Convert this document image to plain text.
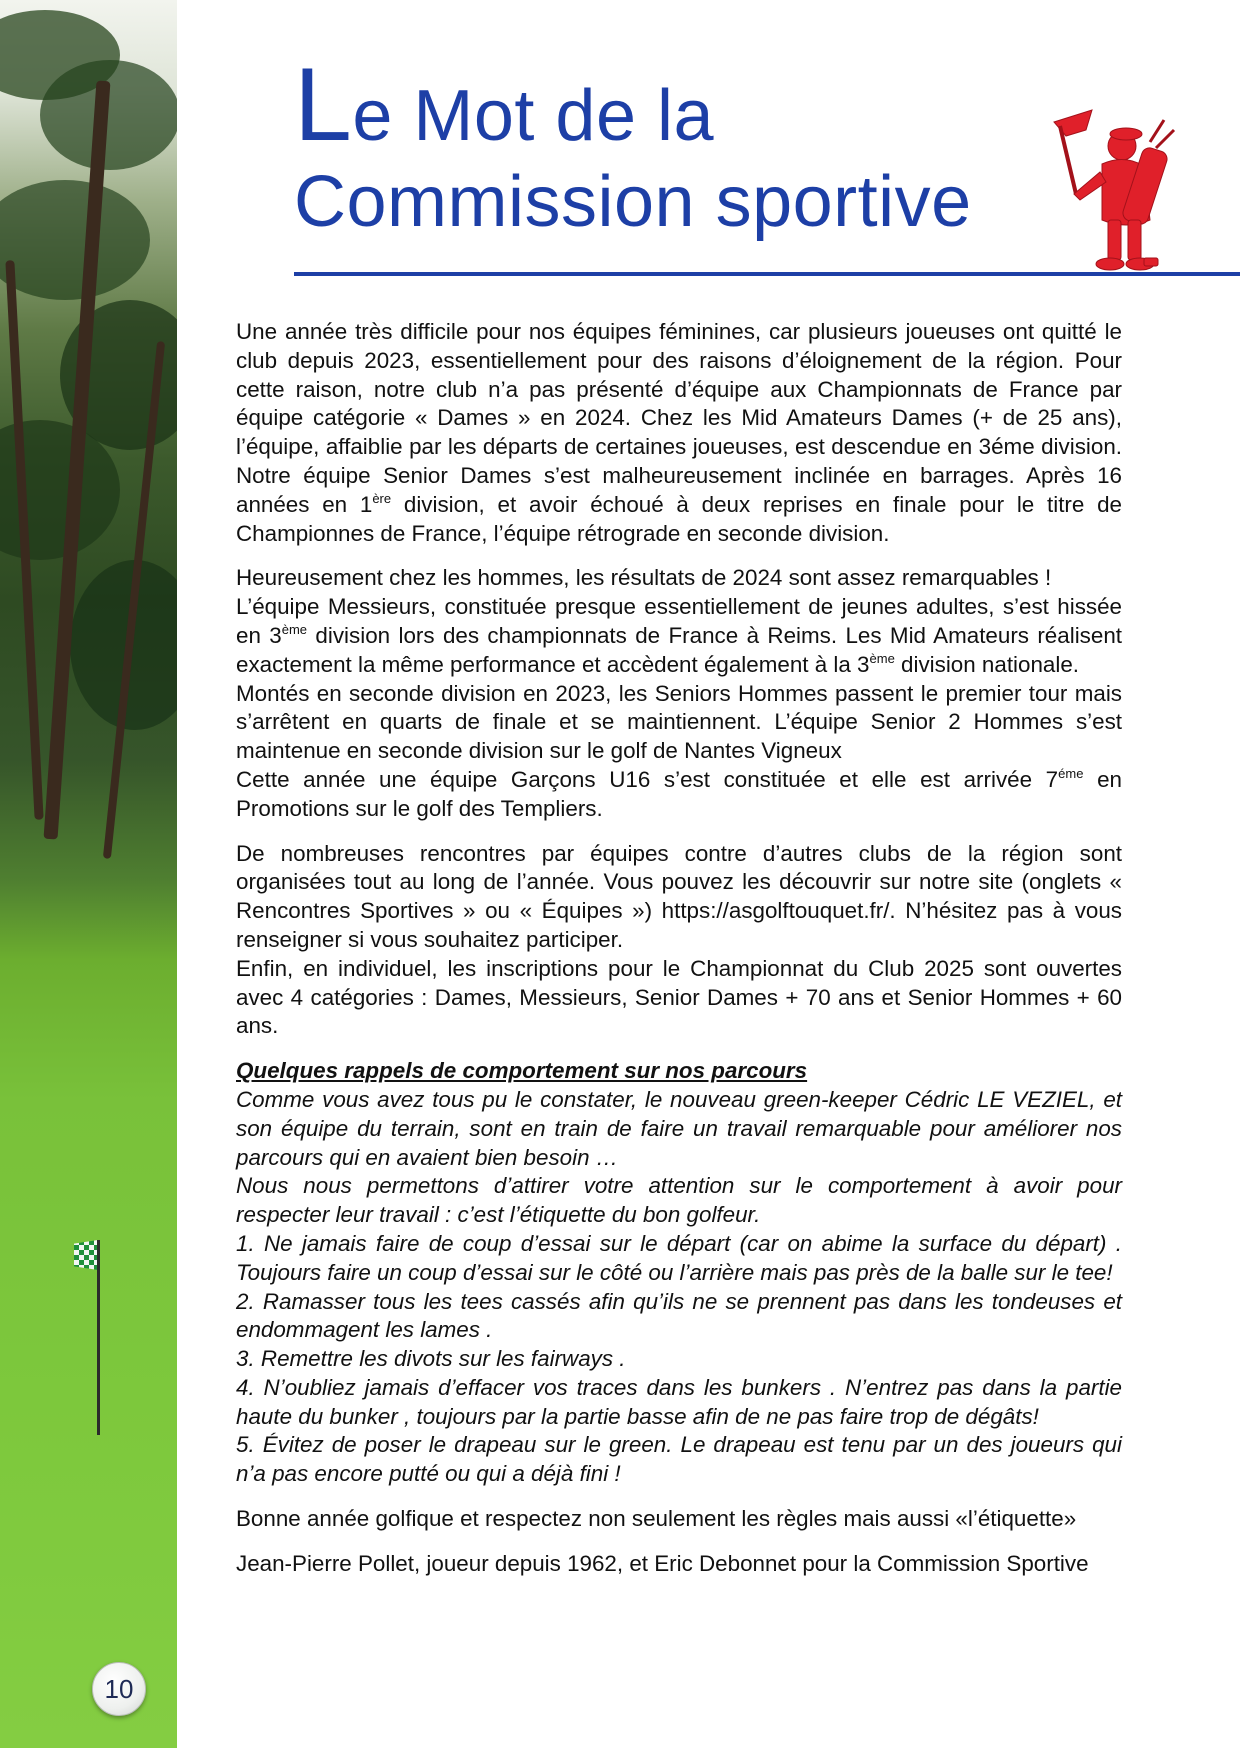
10
Le Mot de la
Commission sportive

Une année très difficile pour nos équipes féminines, car plusieurs joueuses ont quitté le club depuis 2023, essentiellement pour des raisons d’éloignement de la région. Pour cette raison, notre club n’a pas présenté d’équipe aux Championnats de France par équipe catégorie « Dames » en 2024. Chez les Mid Amateurs Dames (+ de 25 ans), l’équipe, affaiblie par les départs de certaines joueuses, est descendue en 3éme division. Notre équipe Senior Dames s’est malheureusement inclinée en barrages. Après 16 années en 1ère division, et avoir échoué à deux reprises en finale pour le titre de Championnes de France, l’équipe rétrograde en seconde division.

Heureusement chez les hommes, les résultats de 2024 sont assez remarquables !

L’équipe Messieurs, constituée presque essentiellement de jeunes adultes, s’est hissée en 3ème division lors des championnats de France à Reims. Les Mid Amateurs réalisent exactement la même performance et accèdent également à la 3ème division nationale.

Montés en seconde division en 2023, les Seniors Hommes passent le premier tour mais s’arrêtent en quarts de finale et se maintiennent. L’équipe Senior 2 Hommes s’est maintenue en seconde division sur le golf de Nantes Vigneux

Cette année une équipe Garçons U16 s’est constituée et elle est arrivée $7^{éme}$ en Promotions sur le golf des Templiers.

De nombreuses rencontres par équipes contre d’autres clubs de la région sont organisées tout au long de l’année. Vous pouvez les découvrir sur notre site (onglets « Rencontres Sportives » ou « Équipes ») https://asgolftouquet.fr/. N’hésitez pas à vous renseigner si vous souhaitez participer.

Enfin, en individuel, les inscriptions pour le Championnat du Club 2025 sont ouvertes avec 4 catégories : Dames, Messieurs, Senior Dames + 70 ans et Senior Hommes + 60 ans.

Quelques rappels de comportement sur nos parcours

Comme vous avez tous pu le constater, le nouveau green-keeper Cédric LE VEZIEL, et son équipe du terrain, sont en train de faire un travail remarquable pour améliorer nos parcours qui en avaient bien besoin …

Nous nous permettons d’attirer votre attention sur le comportement à avoir pour respecter leur travail : c’est l’étiquette du bon golfeur.

1. Ne jamais faire de coup d’essai sur le départ (car on abime la surface du départ) . Toujours faire un coup d’essai sur le côté ou l’arrière mais pas près de la balle sur le tee!

2. Ramasser tous les tees cassés afin qu’ils ne se prennent pas dans les tondeuses et endommagent les lames .

3. Remettre les divots sur les fairways .

4. N’oubliez jamais d’effacer vos traces dans les bunkers . N’entrez pas dans la partie haute du bunker , toujours par la partie basse afin de ne pas faire trop de dégâts!

5. Évitez de poser le drapeau sur le green. Le drapeau est tenu par un des joueurs qui n’a pas encore putté ou qui a déjà fini !

Bonne année golfique et respectez non seulement les règles mais aussi «l’étiquette»

Jean-Pierre Pollet, joueur depuis 1962, et Eric Debonnet pour la Commission Sportive
